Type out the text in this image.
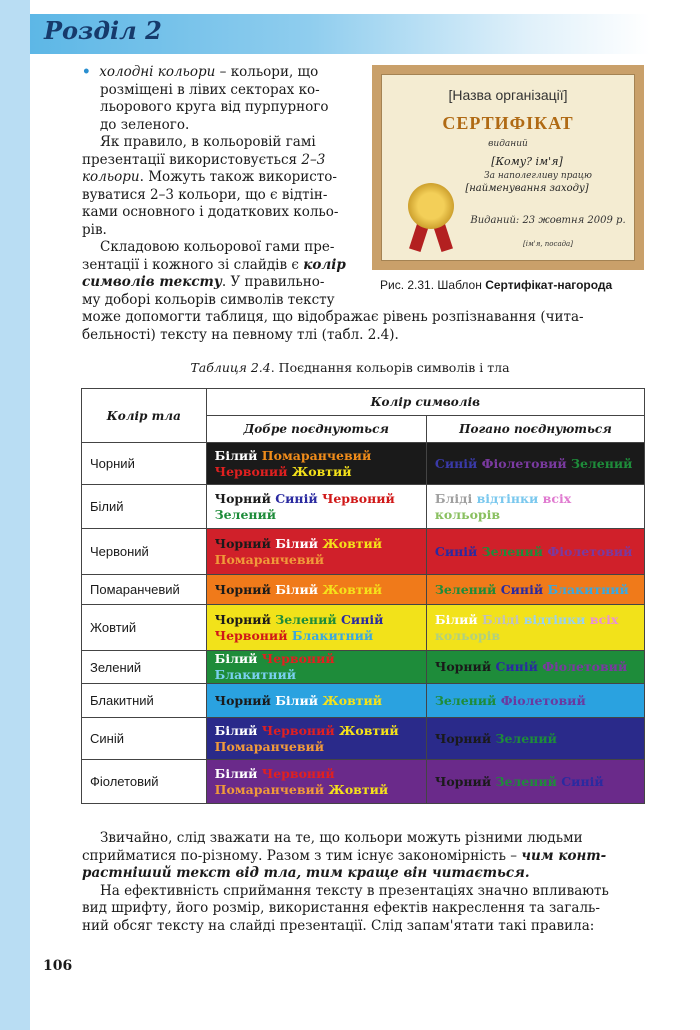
Розділ 2
• холодні кольори – кольори, що
розміщені в лівих секторах ко-
льорового круга від пурпурного
до зеленого.
Як правило, в кольоровій гамі
презентації використовується 2–3
кольори. Можуть також використо-
вуватися 2–3 кольори, що є відтін-
ками основного і додаткових кольо-
рів.
Складовою кольорової гами пре-
зентації і кожного зі слайдів є колір
символів тексту. У правильно-
му доборі кольорів символів тексту
може допомогти таблиця, що відображає рівень розпізнавання (чита-
бельності) тексту на певному тлі (табл. 2.4).
[Назва організації]
СЕРТИФІКАТ
виданий
[Кому? ім'я]
За наполегливу працю
[найменування заходу]
Виданий: 23 жовтня 2009 р.
[ім'я, посада]
Рис. 2.31. Шаблон Сертифікат-нагорода
Таблиця 2.4. Поєднання кольорів символів і тла
Колір тла	Колір символів	
	Добре поєднуються	Погано поєднуються
Чорний	Білий Помаранчевий Червоний Жовтий	Синій Фіолетовий Зелений
Білий	Чорний Синій Червоний Зелений	Бліді відтінки всіх кольорів
Червоний	Чорний Білий Жовтий Помаранчевий	Синій Зелений Фіолетовий
Помаранчевий	Чорний Білий Жовтий	Зелений Синій Блакитний
Жовтий	Чорний Зелений Синій Червоний Блакитний	Білий Бліді відтінки всіх кольорів
Зелений	Білий Червоний Блакитний	Чорний Синій Фіолетовий
Блакитний	Чорний Білий Жовтий	Зелений Фіолетовий
Синій	Білий Червоний Жовтий Помаранчевий	Чорний Зелений
Фіолетовий	Білий Червоний Помаранчевий Жовтий	Чорний Зелений Синій
Звичайно, слід зважати на те, що кольори можуть різними людьми
сприйматися по-різному. Разом з тим існує закономірність – чим конт-
растніший текст від тла, тим краще він читається.
На ефективність сприймання тексту в презентаціях значно впливають
вид шрифту, його розмір, використання ефектів накреслення та загаль-
ний обсяг тексту на слайді презентації. Слід запам'ятати такі правила:
106
